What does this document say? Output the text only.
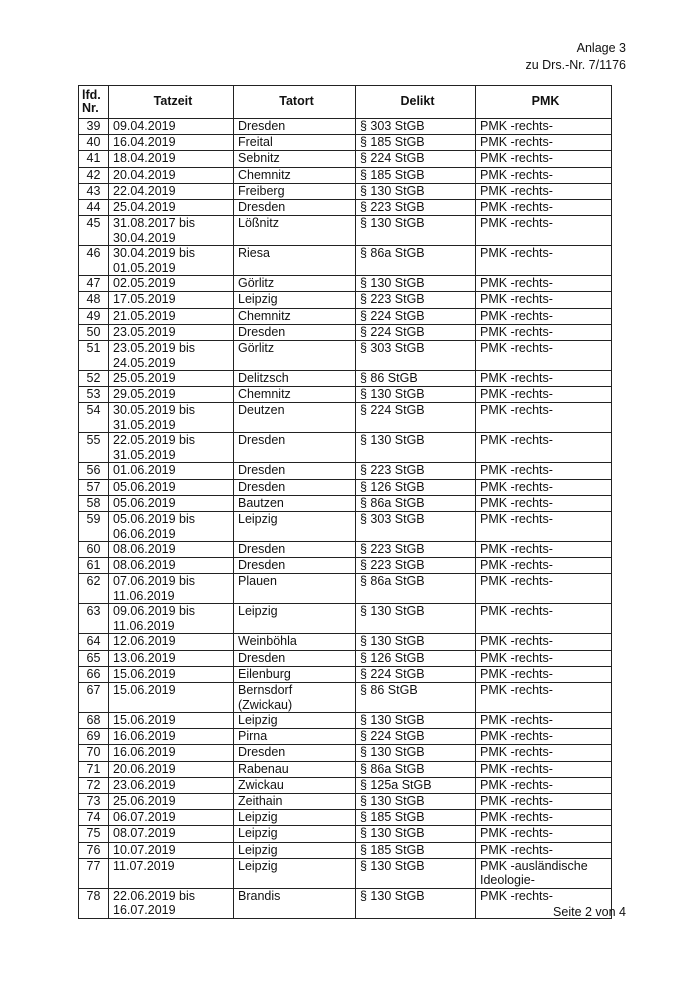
Anlage 3
zu Drs.-Nr. 7/1176
lfd. Nr.	Tatzeit	Tatort	Delikt	PMK
39	09.04.2019	Dresden	§ 303 StGB	PMK -rechts-
40	16.04.2019	Freital	§ 185 StGB	PMK -rechts-
41	18.04.2019	Sebnitz	§ 224 StGB	PMK -rechts-
42	20.04.2019	Chemnitz	§ 185 StGB	PMK -rechts-
43	22.04.2019	Freiberg	§ 130 StGB	PMK -rechts-
44	25.04.2019	Dresden	§ 223 StGB	PMK -rechts-
45	31.08.2017 bis
30.04.2019	Lößnitz	§ 130 StGB	PMK -rechts-
46	30.04.2019 bis
01.05.2019	Riesa	§ 86a StGB	PMK -rechts-
47	02.05.2019	Görlitz	§ 130 StGB	PMK -rechts-
48	17.05.2019	Leipzig	§ 223 StGB	PMK -rechts-
49	21.05.2019	Chemnitz	§ 224 StGB	PMK -rechts-
50	23.05.2019	Dresden	§ 224 StGB	PMK -rechts-
51	23.05.2019 bis
24.05.2019	Görlitz	§ 303 StGB	PMK -rechts-
52	25.05.2019	Delitzsch	§ 86 StGB	PMK -rechts-
53	29.05.2019	Chemnitz	§ 130 StGB	PMK -rechts-
54	30.05.2019 bis
31.05.2019	Deutzen	§ 224 StGB	PMK -rechts-
55	22.05.2019 bis
31.05.2019	Dresden	§ 130 StGB	PMK -rechts-
56	01.06.2019	Dresden	§ 223 StGB	PMK -rechts-
57	05.06.2019	Dresden	§ 126 StGB	PMK -rechts-
58	05.06.2019	Bautzen	§ 86a StGB	PMK -rechts-
59	05.06.2019 bis
06.06.2019	Leipzig	§ 303 StGB	PMK -rechts-
60	08.06.2019	Dresden	§ 223 StGB	PMK -rechts-
61	08.06.2019	Dresden	§ 223 StGB	PMK -rechts-
62	07.06.2019 bis
11.06.2019	Plauen	§ 86a StGB	PMK -rechts-
63	09.06.2019 bis
11.06.2019	Leipzig	§ 130 StGB	PMK -rechts-
64	12.06.2019	Weinböhla	§ 130 StGB	PMK -rechts-
65	13.06.2019	Dresden	§ 126 StGB	PMK -rechts-
66	15.06.2019	Eilenburg	§ 224 StGB	PMK -rechts-
67	15.06.2019	Bernsdorf
(Zwickau)	§ 86 StGB	PMK -rechts-
68	15.06.2019	Leipzig	§ 130 StGB	PMK -rechts-
69	16.06.2019	Pirna	§ 224 StGB	PMK -rechts-
70	16.06.2019	Dresden	§ 130 StGB	PMK -rechts-
71	20.06.2019	Rabenau	§ 86a StGB	PMK -rechts-
72	23.06.2019	Zwickau	§ 125a StGB	PMK -rechts-
73	25.06.2019	Zeithain	§ 130 StGB	PMK -rechts-
74	06.07.2019	Leipzig	§ 185 StGB	PMK -rechts-
75	08.07.2019	Leipzig	§ 130 StGB	PMK -rechts-
76	10.07.2019	Leipzig	§ 185 StGB	PMK -rechts-
77	11.07.2019	Leipzig	§ 130 StGB	PMK -ausländische
Ideologie-
78	22.06.2019 bis
16.07.2019	Brandis	§ 130 StGB	PMK -rechts-
Seite 2 von 4
